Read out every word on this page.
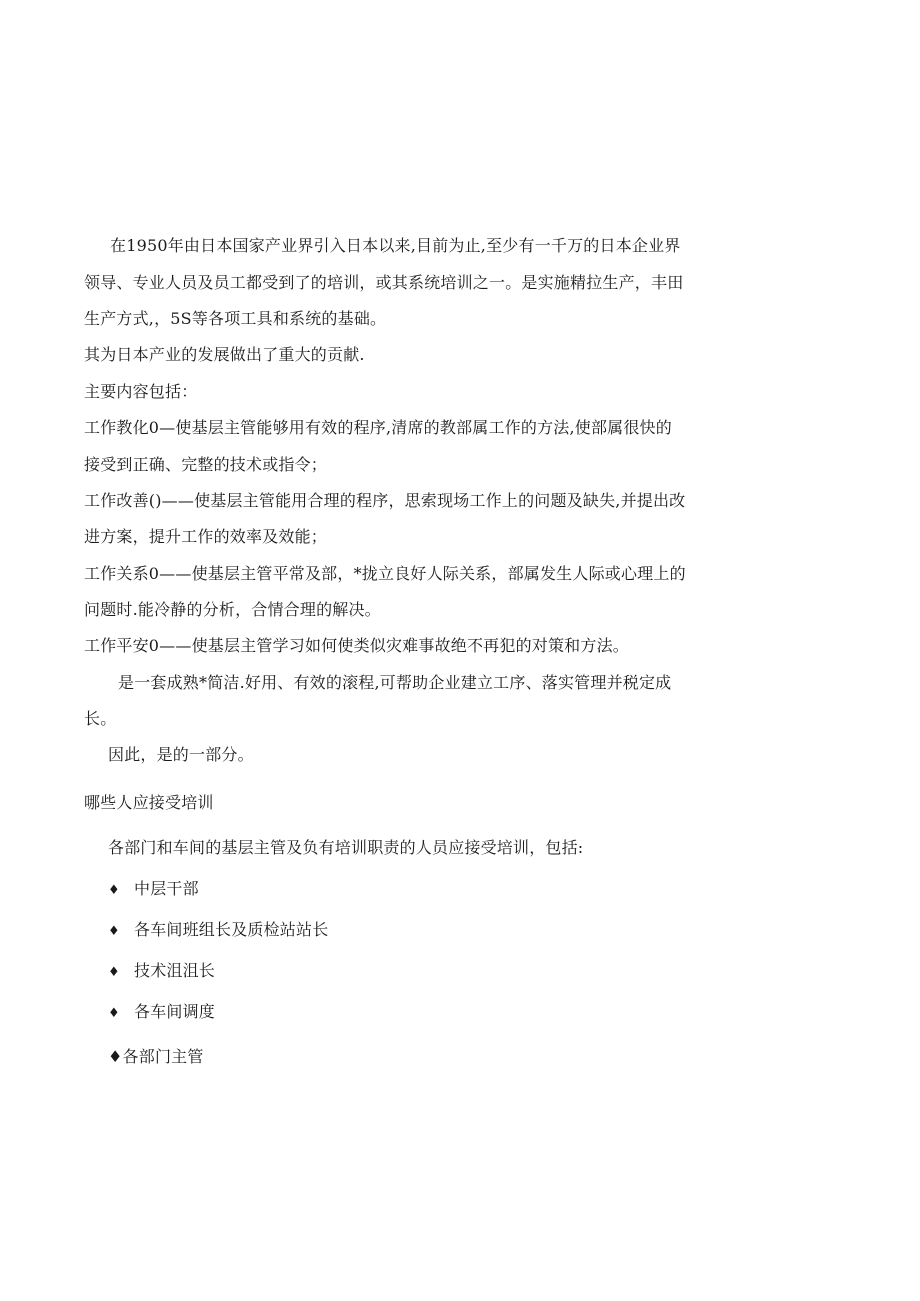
在1950年由日本国家产业界引入日本以来,目前为止,至少有一千万的日本企业界
领导、专业人员及员工都受到了的培训，或其系统培训之一。是实施精拉生产，丰田
生产方式,，5S等各项工具和系统的基础。
其为日本产业的发展做出了重大的贡献.
主要内容包括：
工作教化0—使基层主管能够用有效的程序,清席的教部属工作的方法,使部属很快的
接受到正确、完整的技术或指令；
工作改善()——使基层主管能用合理的程序，思索现场工作上的问题及缺失,并提出改
进方案，提升工作的效率及效能；
工作关系0——使基层主管平常及部，*拢立良好人际关系，部属发生人际或心理上的
问题时.能冷静的分析，合情合理的解决。
工作平安0——使基层主管学习如何使类似灾难事故绝不再犯的对策和方法。
是一套成熟*简洁.好用、有效的滚程,可帮助企业建立工序、落实管理并税定成
长。
因此，是的一部分。
哪些人应接受培训
各部门和车间的基层主管及负有培训职责的人员应接受培训，包括:
♦ 中层干部
♦ 各车间班组长及质检站站长
♦ 技术沮沮长
♦ 各车间调度
♦各部门主管
